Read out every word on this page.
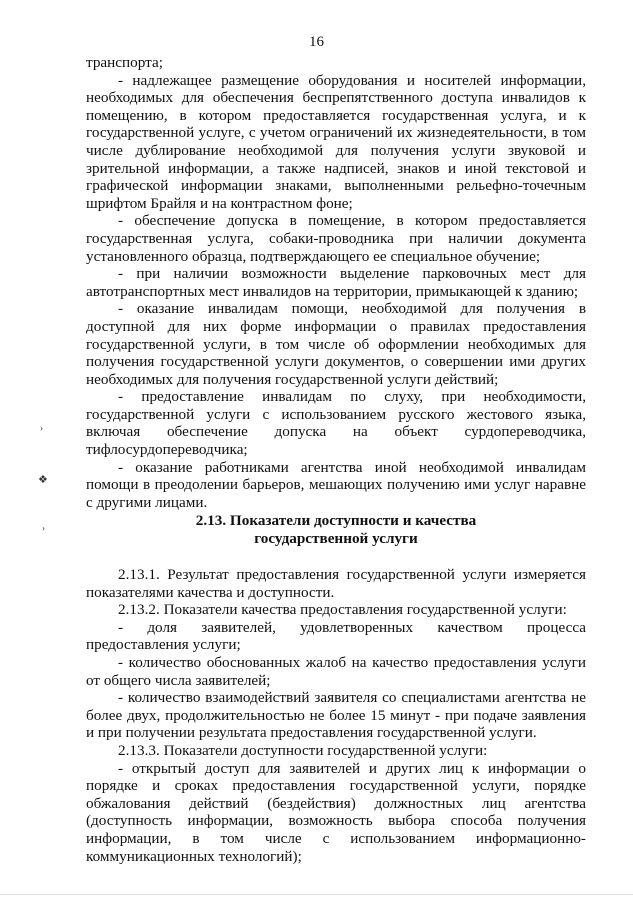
16

транспорта;

- надлежащее размещение оборудования и носителей информации, необходимых для обеспечения беспрепятственного доступа инвалидов к помещению, в котором предоставляется государственная услуга, и к государственной услуге, с учетом ограничений их жизнедеятельности, в том числе дублирование необходимой для получения услуги звуковой и зрительной информации, а также надписей, знаков и иной текстовой и графической информации знаками, выполненными рельефно-точечным шрифтом Брайля и на контрастном фоне;

- обеспечение допуска в помещение, в котором предоставляется государственная услуга, собаки-проводника при наличии документа установленного образца, подтверждающего ее специальное обучение;

- при наличии возможности выделение парковочных мест для автотранспортных мест инвалидов на территории, примыкающей к зданию;

- оказание инвалидам помощи, необходимой для получения в доступной для них форме информации о правилах предоставления государственной услуги, в том числе об оформлении необходимых для получения государственной услуги документов, о совершении ими других необходимых для получения государственной услуги действий;

- предоставление инвалидам по слуху, при необходимости, государственной услуги с использованием русского жестового языка, включая обеспечение допуска на объект сурдопереводчика, тифлосурдопереводчика;

- оказание работниками агентства иной необходимой инвалидам помощи в преодолении барьеров, мешающих получению ими услуг наравне с другими лицами.

2.13. Показатели доступности и качества
государственной услуги

2.13.1. Результат предоставления государственной услуги измеряется показателями качества и доступности.

2.13.2. Показатели качества предоставления государственной услуги:

- доля заявителей, удовлетворенных качеством процесса предоставления услуги;

- количество обоснованных жалоб на качество предоставления услуги от общего числа заявителей;

- количество взаимодействий заявителя со специалистами агентства не более двух, продолжительностью не более 15 минут - при подаче заявления и при получении результата предоставления государственной услуги.

2.13.3. Показатели доступности государственной услуги:

- открытый доступ для заявителей и других лиц к информации о порядке и сроках предоставления государственной услуги, порядке обжалования действий (бездействия) должностных лиц агентства (доступность информации, возможность выбора способа получения информации, в том числе с использованием информационно-коммуникационных технологий);

›
❖
›
